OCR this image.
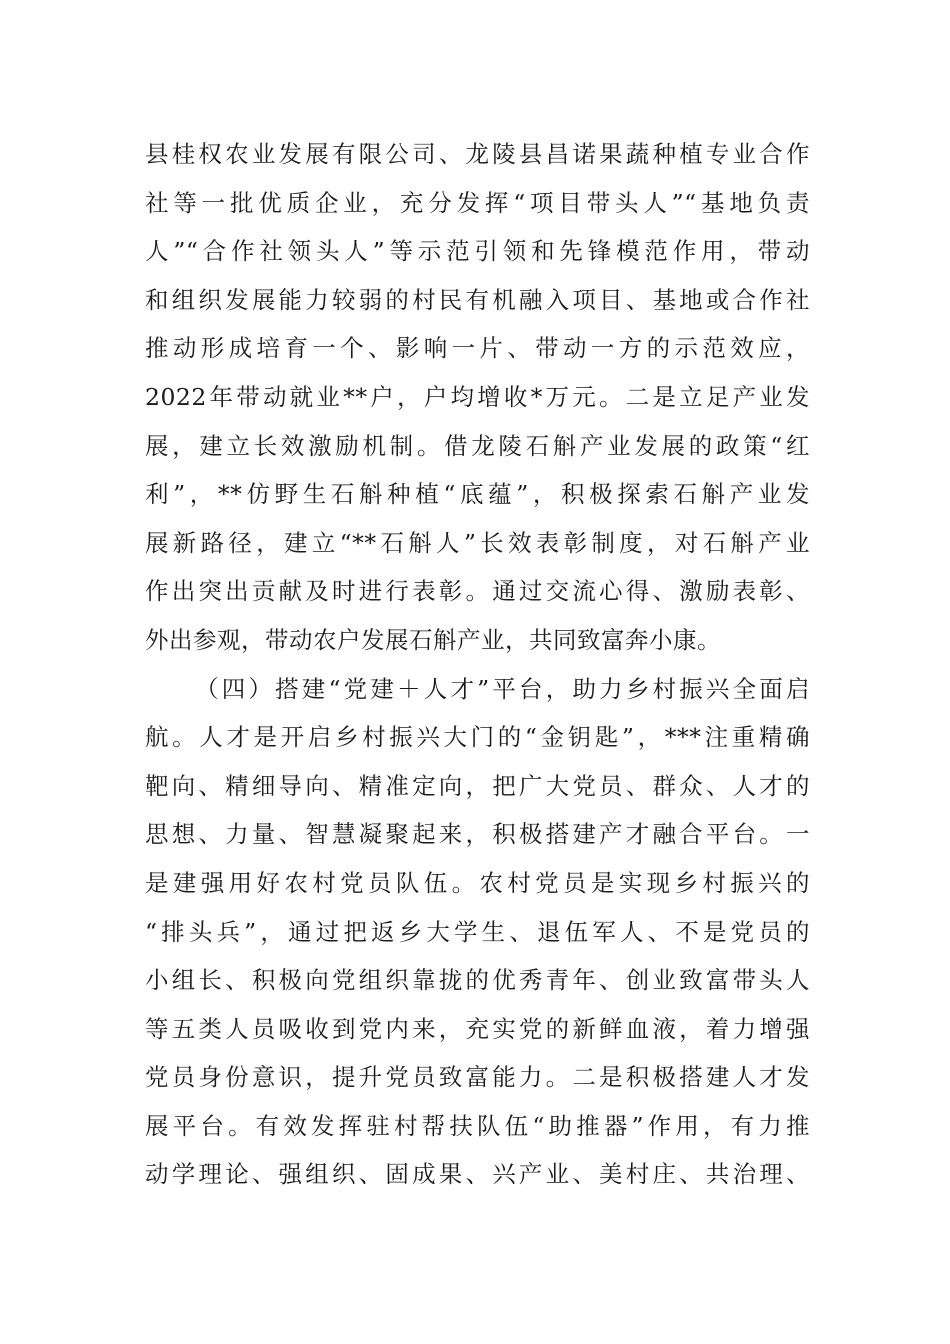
县桂权农业发展有限公司、龙陵县昌诺果蔬种植专业合作
社等一批优质企业，充分发挥“项目带头人”“基地负责
人”“合作社领头人”等示范引领和先锋模范作用，带动
和组织发展能力较弱的村民有机融入项目、基地或合作社
推动形成培育一个、影响一片、带动一方的示范效应，
2022年带动就业**户，户均增收*万元。二是立足产业发
展，建立长效激励机制。借龙陵石斛产业发展的政策“红
利”，**仿野生石斛种植“底蕴”，积极探索石斛产业发
展新路径，建立“**石斛人”长效表彰制度，对石斛产业
作出突出贡献及时进行表彰。通过交流心得、激励表彰、
外出参观，带动农户发展石斛产业，共同致富奔小康。
（四）搭建“党建＋人才”平台，助力乡村振兴全面启
航。人才是开启乡村振兴大门的“金钥匙”，***注重精确
靶向、精细导向、精准定向，把广大党员、群众、人才的
思想、力量、智慧凝聚起来，积极搭建产才融合平台。一
是建强用好农村党员队伍。农村党员是实现乡村振兴的
“排头兵”，通过把返乡大学生、退伍军人、不是党员的
小组长、积极向党组织靠拢的优秀青年、创业致富带头人
等五类人员吸收到党内来，充实党的新鲜血液，着力增强
党员身份意识，提升党员致富能力。二是积极搭建人才发
展平台。有效发挥驻村帮扶队伍“助推器”作用，有力推
动学理论、强组织、固成果、兴产业、美村庄、共治理、
